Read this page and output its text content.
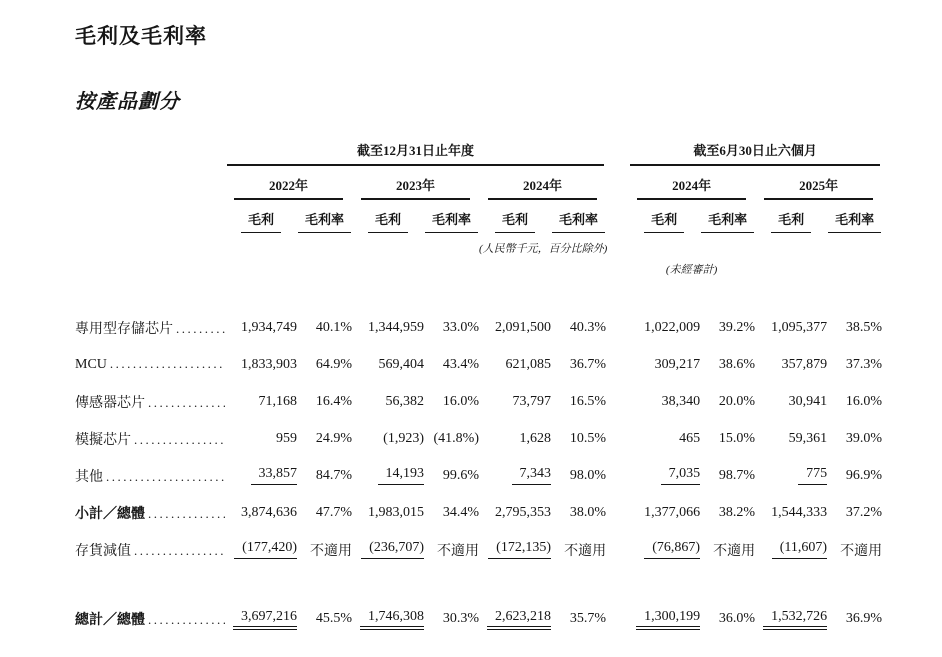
毛利及毛利率
按產品劃分

	截至12月31日止年度							截至6月30日止六個月			

	2022年		2023年		2024年			2024年		2025年	

	毛利	毛利率	毛利	毛利率	毛利	毛利率		毛利	毛利率	毛利	毛利率

					(人民幣千元，百分比除外)						

								(未經審計)			

專用型存儲芯片
.....	1,934,749	40.1%	1,344,959	33.0%	2,091,500	40.3%		1,022,009	39.2%	1,095,377	38.5%

MCU
.....	1,833,903	64.9%	569,404	43.4%	621,085	36.7%		309,217	38.6%	357,879	37.3%

傳感器芯片
.....	71,168	16.4%	56,382	16.0%	73,797	16.5%		38,340	20.0%	30,941	16.0%

模擬芯片
.....	959	24.9%	(1,923)	(41.8%)	1,628	10.5%		465	15.0%	59,361	39.0%

其他
.....	33,857	84.7%	14,193	99.6%	7,343	98.0%		7,035	98.7%	775	96.9%

小計／總體
.....	3,874,636	47.7%	1,983,015	34.4%	2,795,353	38.0%		1,377,066	38.2%	1,544,333	37.2%

存貨減值
.....	(177,420)	不適用	(236,707)	不適用	(172,135)	不適用		(76,867)	不適用	(11,607)	不適用

總計／總體
.....	3,697,216	45.5%	1,746,308	30.3%	2,623,218	35.7%		1,300,199	36.0%	1,532,726	36.9%
